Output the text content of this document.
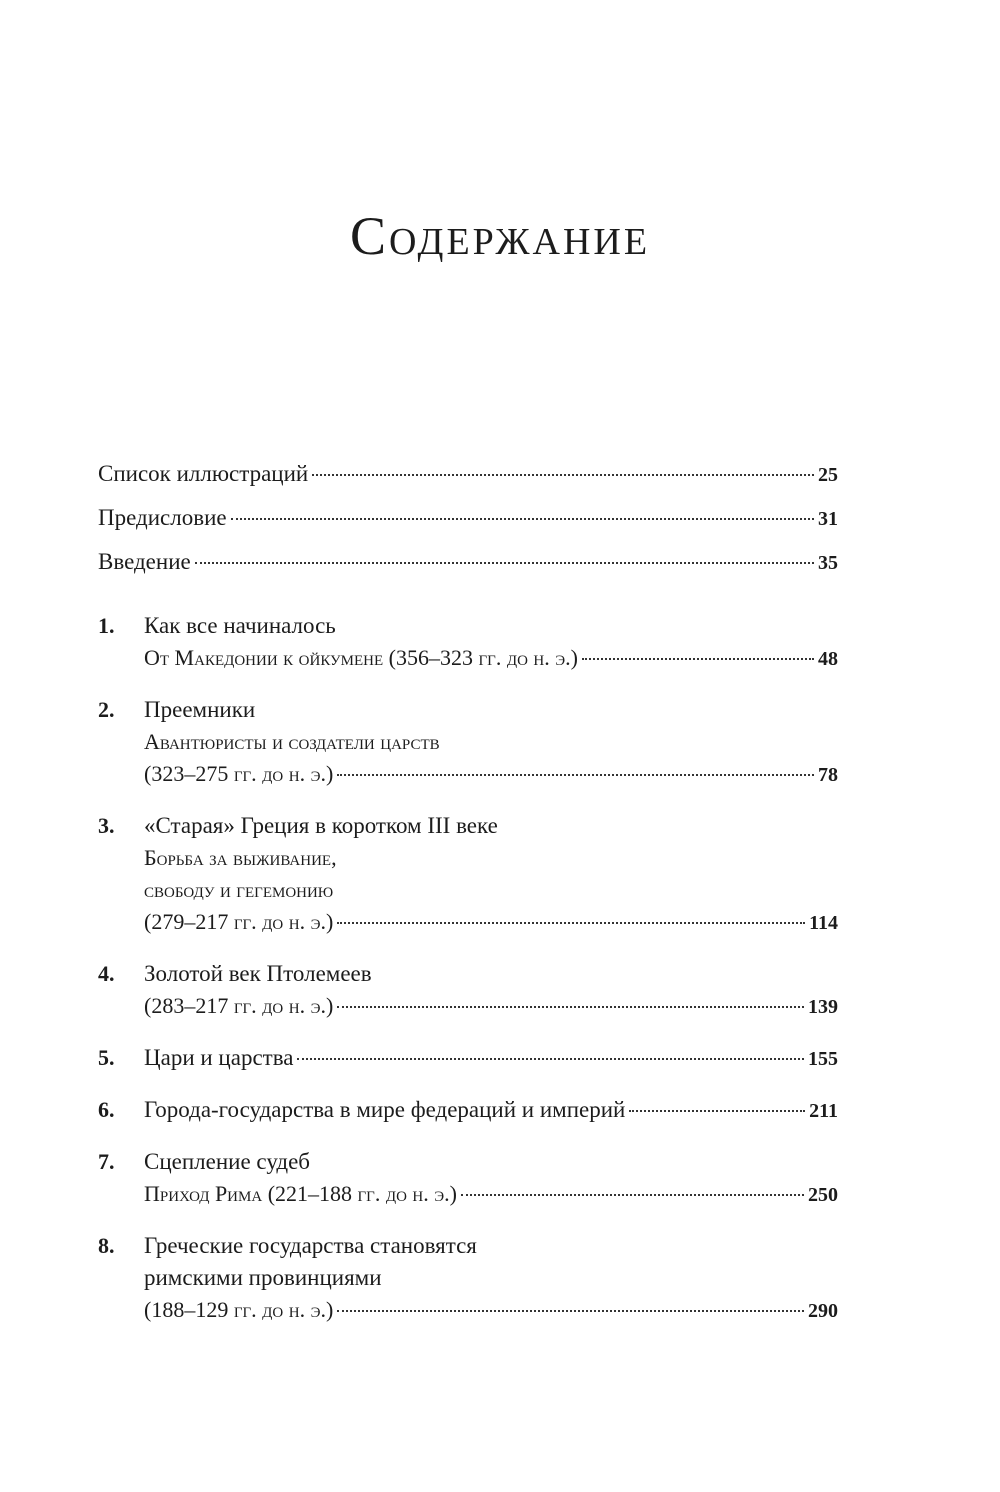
Содержание
Список иллюстраций	25
Предисловие	31
Введение	35
1.	Как все начиналось
От Македонии к ойкумене (356–323 гг. до н. э.)	48
2.	Преемники
Авантюристы и создатели царств
(323–275 гг. до н. э.)	78
3.	«Старая» Греция в коротком III веке
Борьба за выживание,
свободу и гегемонию
(279–217 гг. до н. э.)	114
4.	Золотой век Птолемеев
(283–217 гг. до н. э.)	139
5.	Цари и царства	155
6.	Города-государства в мире федераций и империй	211
7.	Сцепление судеб
Приход Рима (221–188 гг. до н. э.)	250
8.	Греческие государства становятся
римскими провинциями
(188–129 гг. до н. э.)	290
